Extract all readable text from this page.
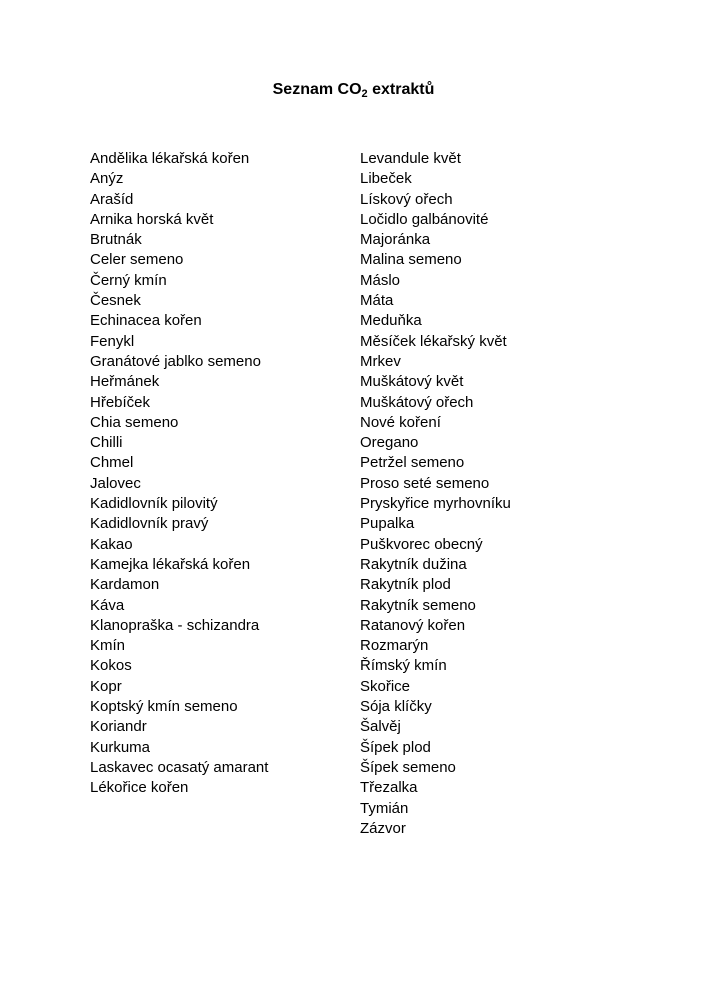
Seznam $CO_2$ extraktů
Andělika lékařská kořen
Anýz
Arašíd
Arnika horská květ
Brutnák
Celer semeno
Černý kmín
Česnek
Echinacea kořen
Fenykl
Granátové jablko semeno
Heřmánek
Hřebíček
Chia semeno
Chilli
Chmel
Jalovec
Kadidlovník pilovitý
Kadidlovník pravý
Kakao
Kamejka lékařská kořen
Kardamon
Káva
Klanopraška - schizandra
Kmín
Kokos
Kopr
Koptský kmín semeno
Koriandr
Kurkuma
Laskavec ocasatý amarant
Lékořice kořen
Levandule květ
Libeček
Lískový ořech
Ločidlo galbánovité
Majoránka
Malina semeno
Máslo
Máta
Meduňka
Měsíček lékařský květ
Mrkev
Muškátový květ
Muškátový ořech
Nové koření
Oregano
Petržel semeno
Proso seté semeno
Pryskyřice myrhovníku
Pupalka
Puškvorec obecný
Rakytník dužina
Rakytník plod
Rakytník semeno
Ratanový kořen
Rozmarýn
Římský kmín
Skořice
Sója klíčky
Šalvěj
Šípek plod
Šípek semeno
Třezalka
Tymián
Zázvor
